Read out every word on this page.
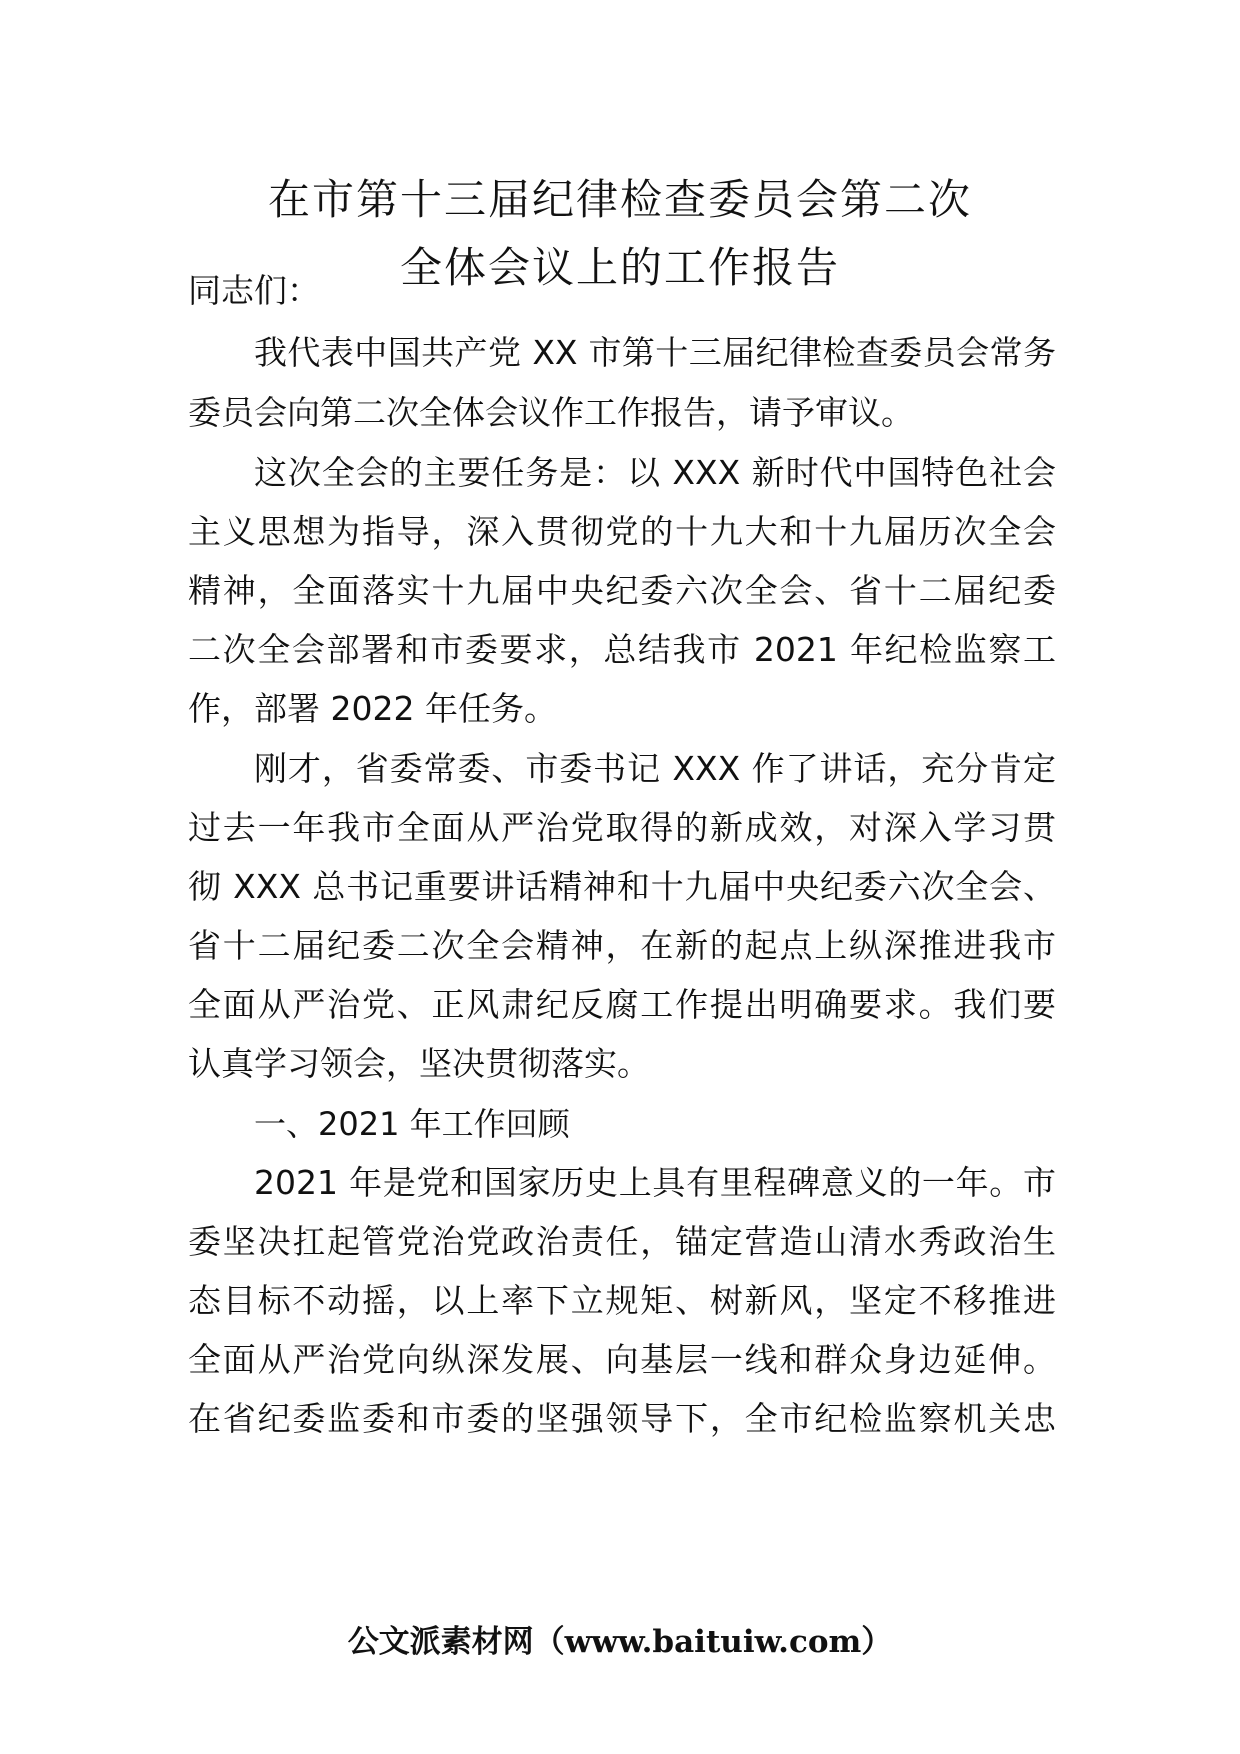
在市第十三届纪律检查委员会第二次
全体会议上的工作报告
同志们：
我代表中国共产党 XX 市第十三届纪律检查委员会常务
委员会向第二次全体会议作工作报告，请予审议。
这次全会的主要任务是：以 XXX 新时代中国特色社会
主义思想为指导，深入贯彻党的十九大和十九届历次全会
精神，全面落实十九届中央纪委六次全会、省十二届纪委
二次全会部署和市委要求，总结我市 2021 年纪检监察工
作，部署 2022 年任务。
刚才，省委常委、市委书记 XXX 作了讲话，充分肯定
过去一年我市全面从严治党取得的新成效，对深入学习贯
彻 XXX 总书记重要讲话精神和十九届中央纪委六次全会、
省十二届纪委二次全会精神，在新的起点上纵深推进我市
全面从严治党、正风肃纪反腐工作提出明确要求。我们要
认真学习领会，坚决贯彻落实。
一、2021 年工作回顾
2021 年是党和国家历史上具有里程碑意义的一年。市
委坚决扛起管党治党政治责任，锚定营造山清水秀政治生
态目标不动摇，以上率下立规矩、树新风，坚定不移推进
全面从严治党向纵深发展、向基层一线和群众身边延伸。
在省纪委监委和市委的坚强领导下，全市纪检监察机关忠
公文派素材网（www.baituiw.com）
